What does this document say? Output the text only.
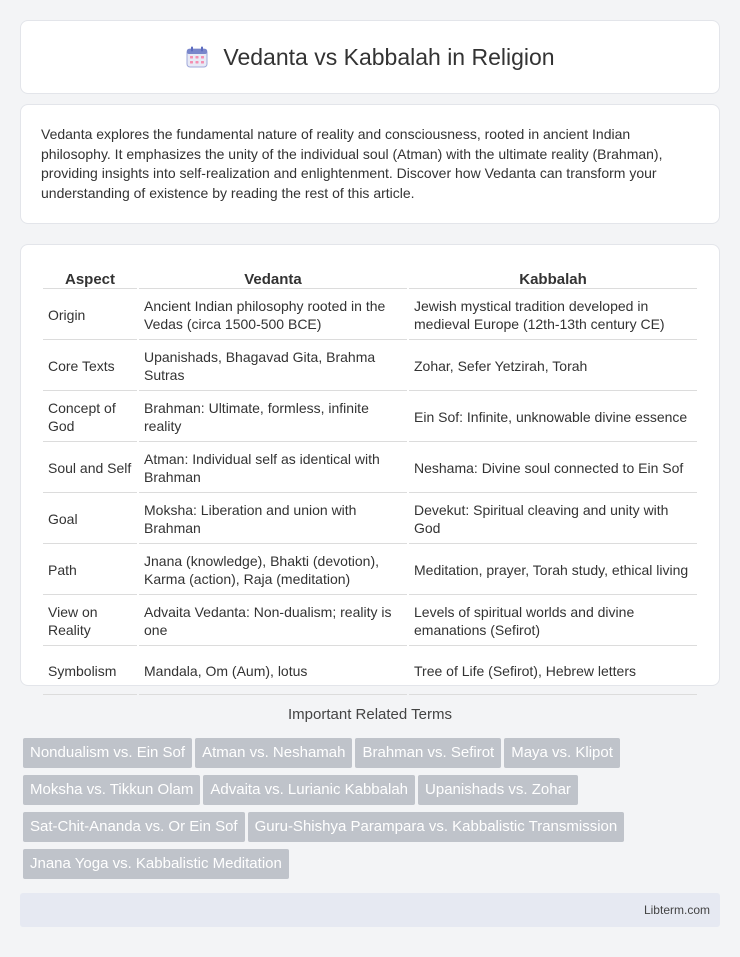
Vedanta vs Kabbalah in Religion

Vedanta explores the fundamental nature of reality and consciousness, rooted in ancient Indian philosophy. It emphasizes the unity of the individual soul (Atman) with the ultimate reality (Brahman), providing insights into self-realization and enlightenment. Discover how Vedanta can transform your understanding of existence by reading the rest of this article.

Aspect	Vedanta	Kabbalah
Origin	Ancient Indian philosophy rooted in the Vedas (circa 1500-500 BCE)	Jewish mystical tradition developed in medieval Europe (12th-13th century CE)
Core Texts	Upanishads, Bhagavad Gita, Brahma Sutras	Zohar, Sefer Yetzirah, Torah
Concept of God	Brahman: Ultimate, formless, infinite reality	Ein Sof: Infinite, unknowable divine essence
Soul and Self	Atman: Individual self as identical with Brahman	Neshama: Divine soul connected to Ein Sof
Goal	Moksha: Liberation and union with Brahman	Devekut: Spiritual cleaving and unity with God
Path	Jnana (knowledge), Bhakti (devotion), Karma (action), Raja (meditation)	Meditation, prayer, Torah study, ethical living
View on Reality	Advaita Vedanta: Non-dualism; reality is one	Levels of spiritual worlds and divine emanations (Sefirot)
Symbolism	Mandala, Om (Aum), lotus	Tree of Life (Sefirot), Hebrew letters
Important Related Terms
Nondualism vs. Ein Sof Atman vs. Neshamah Brahman vs. Sefirot Maya vs. KlipotMoksha vs. Tikkun Olam Advaita vs. Lurianic Kabbalah Upanishads vs. ZoharSat-Chit-Ananda vs. Or Ein Sof Guru-Shishya Parampara vs. Kabbalistic TransmissionJnana Yoga vs. Kabbalistic Meditation
Libterm.com
